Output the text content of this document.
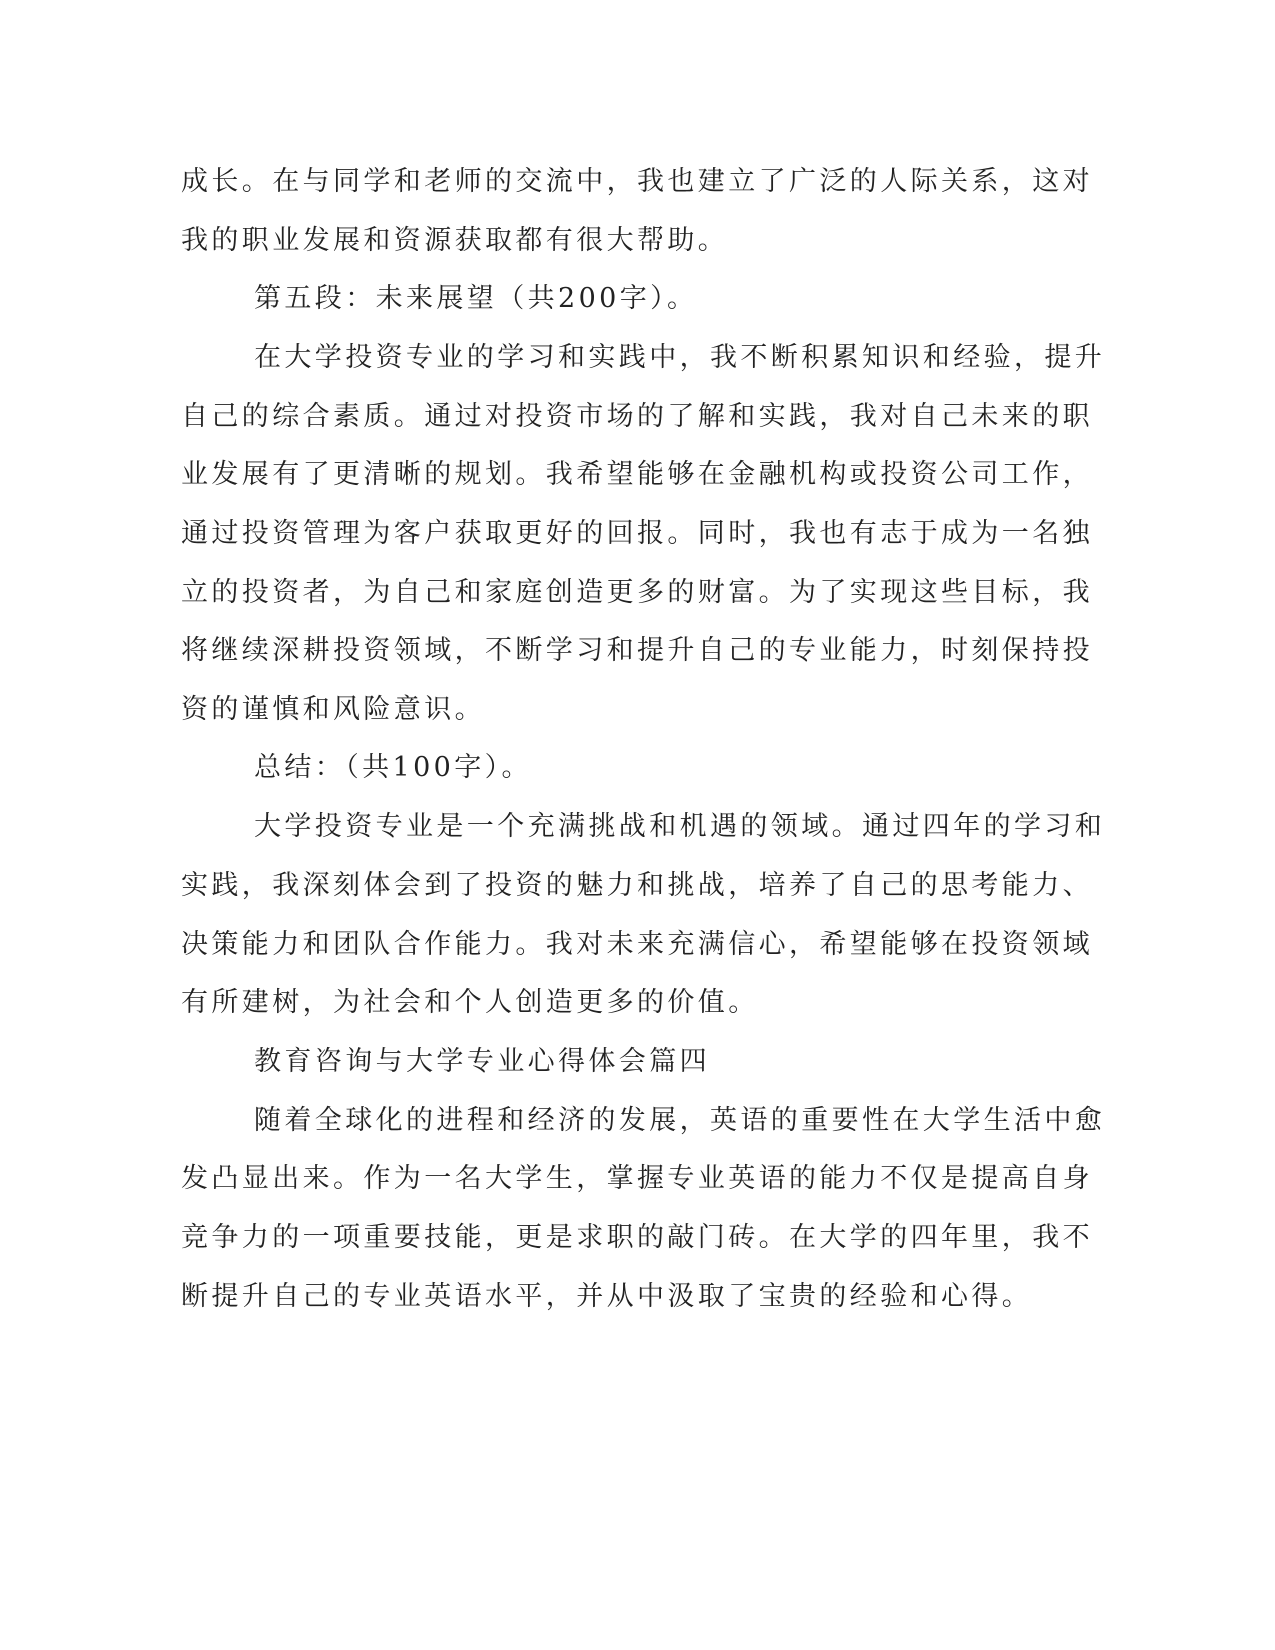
成长。在与同学和老师的交流中，我也建立了广泛的人际关系，这对
我的职业发展和资源获取都有很大帮助。
第五段：未来展望（共200字）。
在大学投资专业的学习和实践中，我不断积累知识和经验，提升
自己的综合素质。通过对投资市场的了解和实践，我对自己未来的职
业发展有了更清晰的规划。我希望能够在金融机构或投资公司工作，
通过投资管理为客户获取更好的回报。同时，我也有志于成为一名独
立的投资者，为自己和家庭创造更多的财富。为了实现这些目标，我
将继续深耕投资领域，不断学习和提升自己的专业能力，时刻保持投
资的谨慎和风险意识。
总结：（共100字）。
大学投资专业是一个充满挑战和机遇的领域。通过四年的学习和
实践，我深刻体会到了投资的魅力和挑战，培养了自己的思考能力、
决策能力和团队合作能力。我对未来充满信心，希望能够在投资领域
有所建树，为社会和个人创造更多的价值。
教育咨询与大学专业心得体会篇四
随着全球化的进程和经济的发展，英语的重要性在大学生活中愈
发凸显出来。作为一名大学生，掌握专业英语的能力不仅是提高自身
竞争力的一项重要技能，更是求职的敲门砖。在大学的四年里，我不
断提升自己的专业英语水平，并从中汲取了宝贵的经验和心得。
